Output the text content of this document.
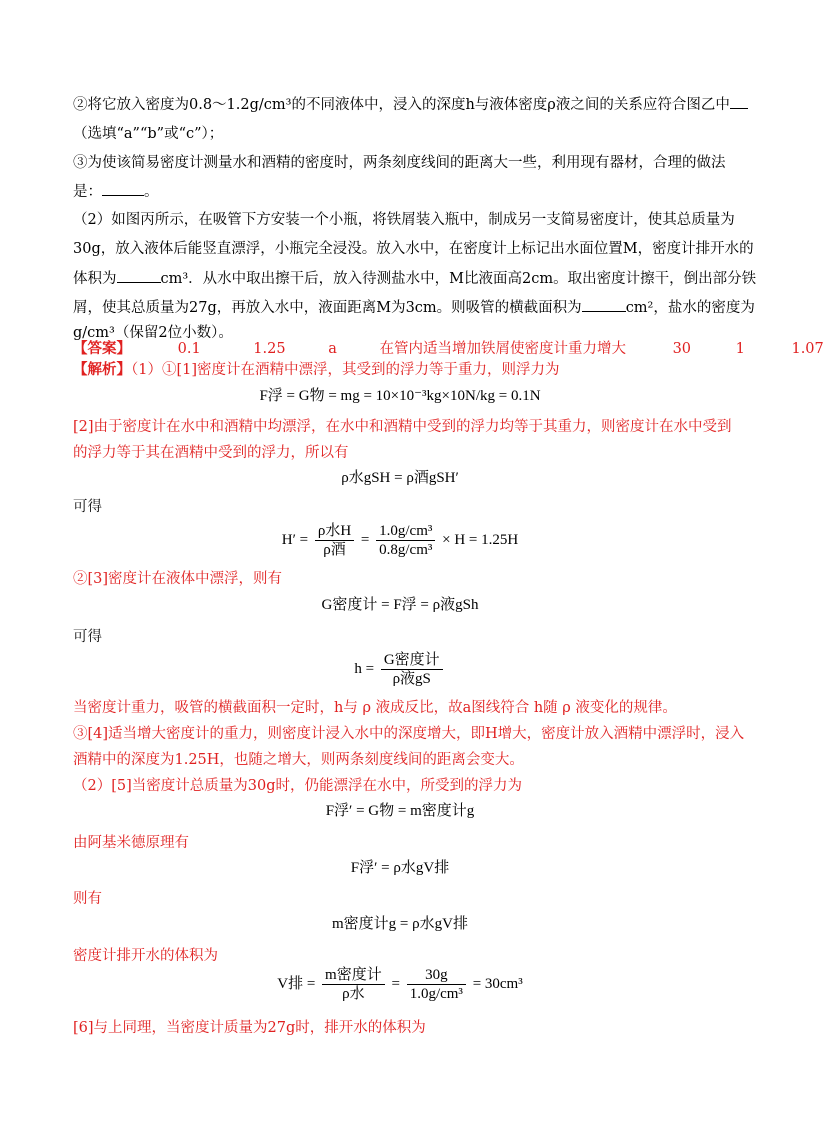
②将它放入密度为0.8～1.2g/cm³的不同液体中，浸入的深度h与液体密度ρ液之间的关系应符合图乙中
（选填“a”“b”或“c”）；
③为使该简易密度计测量水和酒精的密度时，两条刻度线间的距离大一些，利用现有器材，合理的做法
是：	。
（2）如图丙所示，在吸管下方安装一个小瓶，将铁屑装入瓶中，制成另一支简易密度计，使其总质量为
30g，放入液体后能竖直漂浮，小瓶完全浸没。放入水中，在密度计上标记出水面位置M，密度计排开水的
体积为	cm³．从水中取出擦干后，放入待测盐水中，M比液面高2cm。取出密度计擦干，倒出部分铁
屑，使其总质量为27g，再放入水中，液面距离M为3cm。则吸管的横截面积为	cm²，盐水的密度为
g/cm³（保留2位小数）。
【答案】	0.1	1.25	a	在管内适当增加铁屑使密度计重力增大	30	1	1.07
【解析】（1）①[1]密度计在酒精中漂浮，其受到的浮力等于重力，则浮力为
F浮 = G物 = mg = 10×10⁻³kg×10N/kg = 0.1N
[2]由于密度计在水中和酒精中均漂浮，在水中和酒精中受到的浮力均等于其重力，则密度计在水中受到
的浮力等于其在酒精中受到的浮力，所以有
ρ水gSH = ρ酒gSH′
可得
$H' = \frac{\text{ρ水H}}{\text{ρ酒}} = \frac{\text{1.0g/cm³}}{\text{0.8g/cm³}} \times H = 1.25H$
②[3]密度计在液体中漂浮，则有
G密度计 = F浮 = ρ液gSh
可得
$h = \frac{\text{G密度计}}{\text{ρ液gS}}$
当密度计重力，吸管的横截面积一定时，h与 ρ 液成反比，故a图线符合 h随 ρ 液变化的规律。
③[4]适当增大密度计的重力，则密度计浸入水中的深度增大，即H增大，密度计放入酒精中漂浮时，浸入
酒精中的深度为1.25H，也随之增大，则两条刻度线间的距离会变大。
（2）[5]当密度计总质量为30g时，仍能漂浮在水中，所受到的浮力为
F浮′ = G物 = m密度计g
由阿基米德原理有
F浮′ = ρ水gV排
则有
m密度计g = ρ水gV排
密度计排开水的体积为
V排 = $\frac{\text{m密度计}}{\text{ρ水}} = \frac{30g}{\text{1.0g/cm³}} = 30cm^3$
[6]与上同理，当密度计质量为27g时，排开水的体积为
